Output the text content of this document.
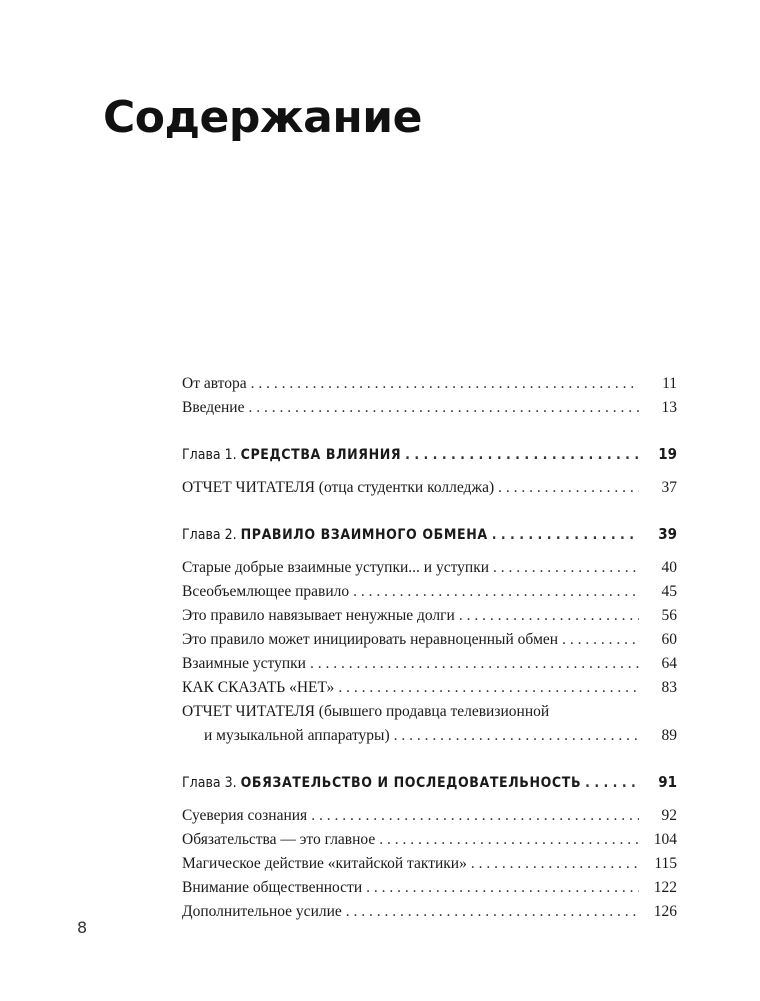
Содержание
От автора . . .	11
Введение . . .	13
Глава 1. СРЕДСТВА ВЛИЯНИЯ . . .	19
ОТЧЕТ ЧИТАТЕЛЯ (отца студентки колледжа) . . .	37
Глава 2. ПРАВИЛО ВЗАИМНОГО ОБМЕНА . . .	39
Старые добрые взаимные уступки... и уступки . . .	40
Всеобъемлющее правило . . .	45
Это правило навязывает ненужные долги . . .	56
Это правило может инициировать неравноценный обмен . . .	60
Взаимные уступки . . .	64
КАК СКАЗАТЬ «НЕТ» . . .	83
ОТЧЕТ ЧИТАТЕЛЯ (бывшего продавца телевизионной
и музыкальной аппаратуры) . . .	89
Глава 3. ОБЯЗАТЕЛЬСТВО И ПОСЛЕДОВАТЕЛЬНОСТЬ . . .	91
Суеверия сознания . . .	92
Обязательства — это главное . . .	104
Магическое действие «китайской тактики» . . .	115
Внимание общественности . . .	122
Дополнительное усилие . . .	126
8
